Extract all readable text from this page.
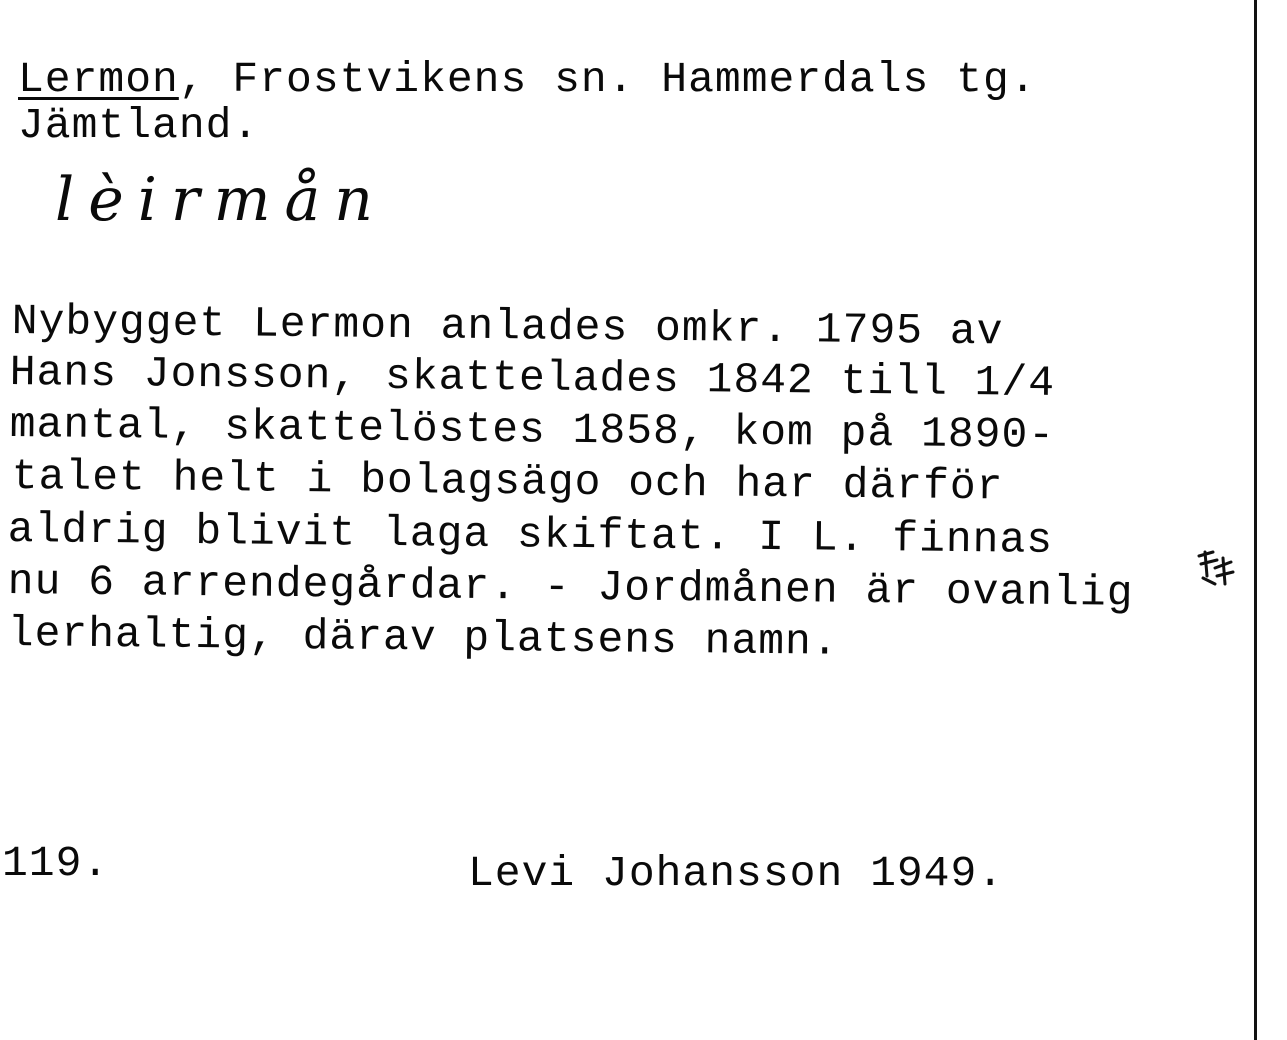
Lermon, Frostvikens sn. Hammerdals tg.
Jämtland.
lèirmån
Nybygget Lermon anlades omkr. 1795 av
Hans Jonsson, skattelades 1842 till 1/4
mantal, skattelöstes 1858, kom på 1890-
talet helt i bolagsägo och har därför
aldrig blivit laga skiftat. I L. finnas
nu 6 arrendegårdar. - Jordmånen är ovanlig
lerhaltig, därav platsens namn.
119.	Levi Johansson 1949.
